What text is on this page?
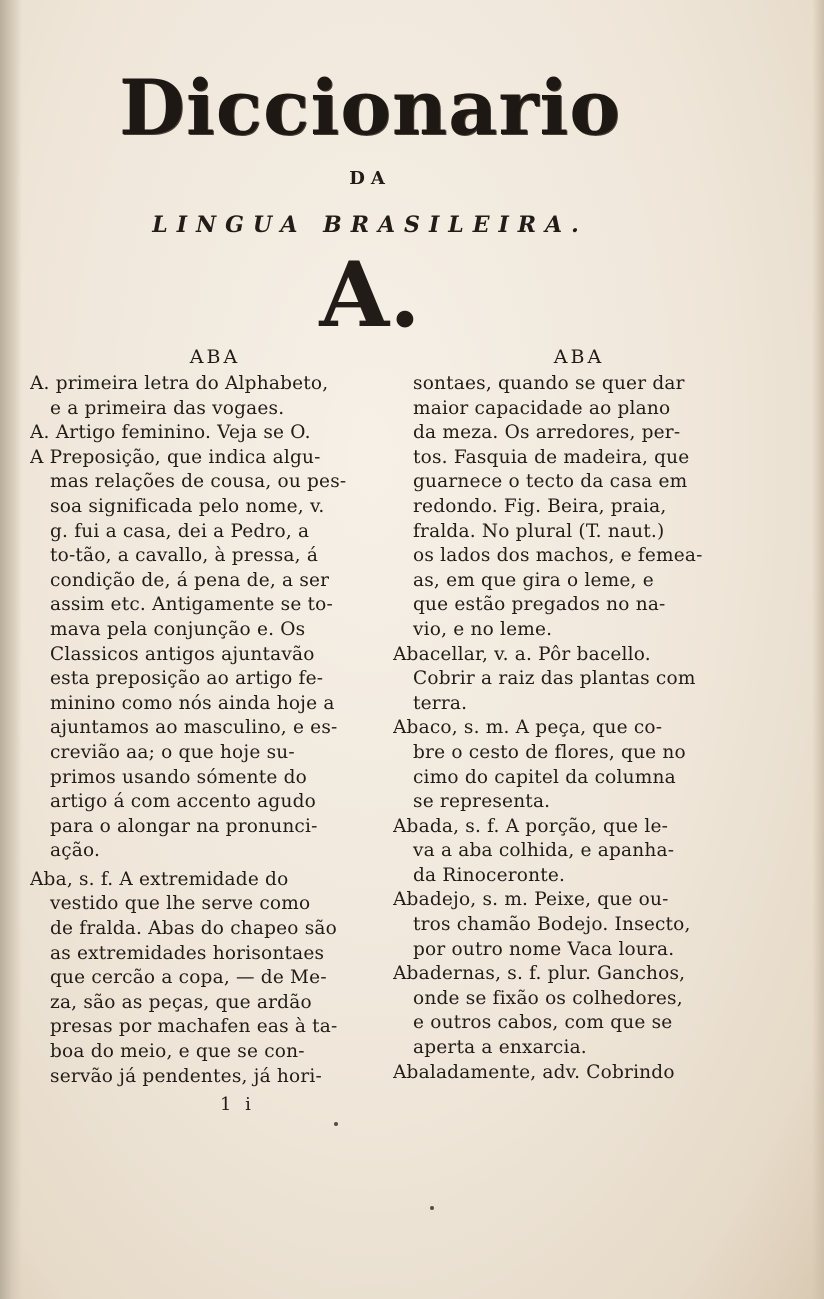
Diccionario
DA
LINGUA BRASILEIRA.
A.
ABA
A. primeira letra do Alphabeto,
e a primeira das vogaes.
A. Artigo feminino. Veja se O.
A Preposição, que indica algu-
mas relações de cousa, ou pes-
soa significada pelo nome, v.
g. fui a casa, dei a Pedro, a
to-tão, a cavallo, à pressa, á
condição de, á pena de, a ser
assim etc. Antigamente se to-
mava pela conjunção e. Os
Classicos antigos ajuntavão
esta preposição ao artigo fe-
minino como nós ainda hoje a
ajuntamos ao masculino, e es-
crevião aa; o que hoje su-
primos usando sómente do
artigo á com accento agudo
para o alongar na pronunci-
ação.
Aba, s. f. A extremidade do
vestido que lhe serve como
de fralda. Abas do chapeo são
as extremidades horisontaes
que cercão a copa, — de Me-
za, são as peças, que ardão
presas por machafen eas à ta-
boa do meio, e que se con-
servão já pendentes, já hori-
ABA
sontaes, quando se quer dar
maior capacidade ao plano
da meza. Os arredores, per-
tos. Fasquia de madeira, que
guarnece o tecto da casa em
redondo. Fig. Beira, praia,
fralda. No plural (T. naut.)
os lados dos machos, e femea-
as, em que gira o leme, e
que estão pregados no na-
vio, e no leme.
Abacellar, v. a. Pôr bacello.
Cobrir a raiz das plantas com
terra.
Abaco, s. m. A peça, que co-
bre o cesto de flores, que no
cimo do capitel da columna
se representa.
Abada, s. f. A porção, que le-
va a aba colhida, e apanha-
da Rinoceronte.
Abadejo, s. m. Peixe, que ou-
tros chamão Bodejo. Insecto,
por outro nome Vaca loura.
Abadernas, s. f. plur. Ganchos,
onde se fixão os colhedores,
e outros cabos, com que se
aperta a enxarcia.
Abaladamente, adv. Cobrindo
1 i
